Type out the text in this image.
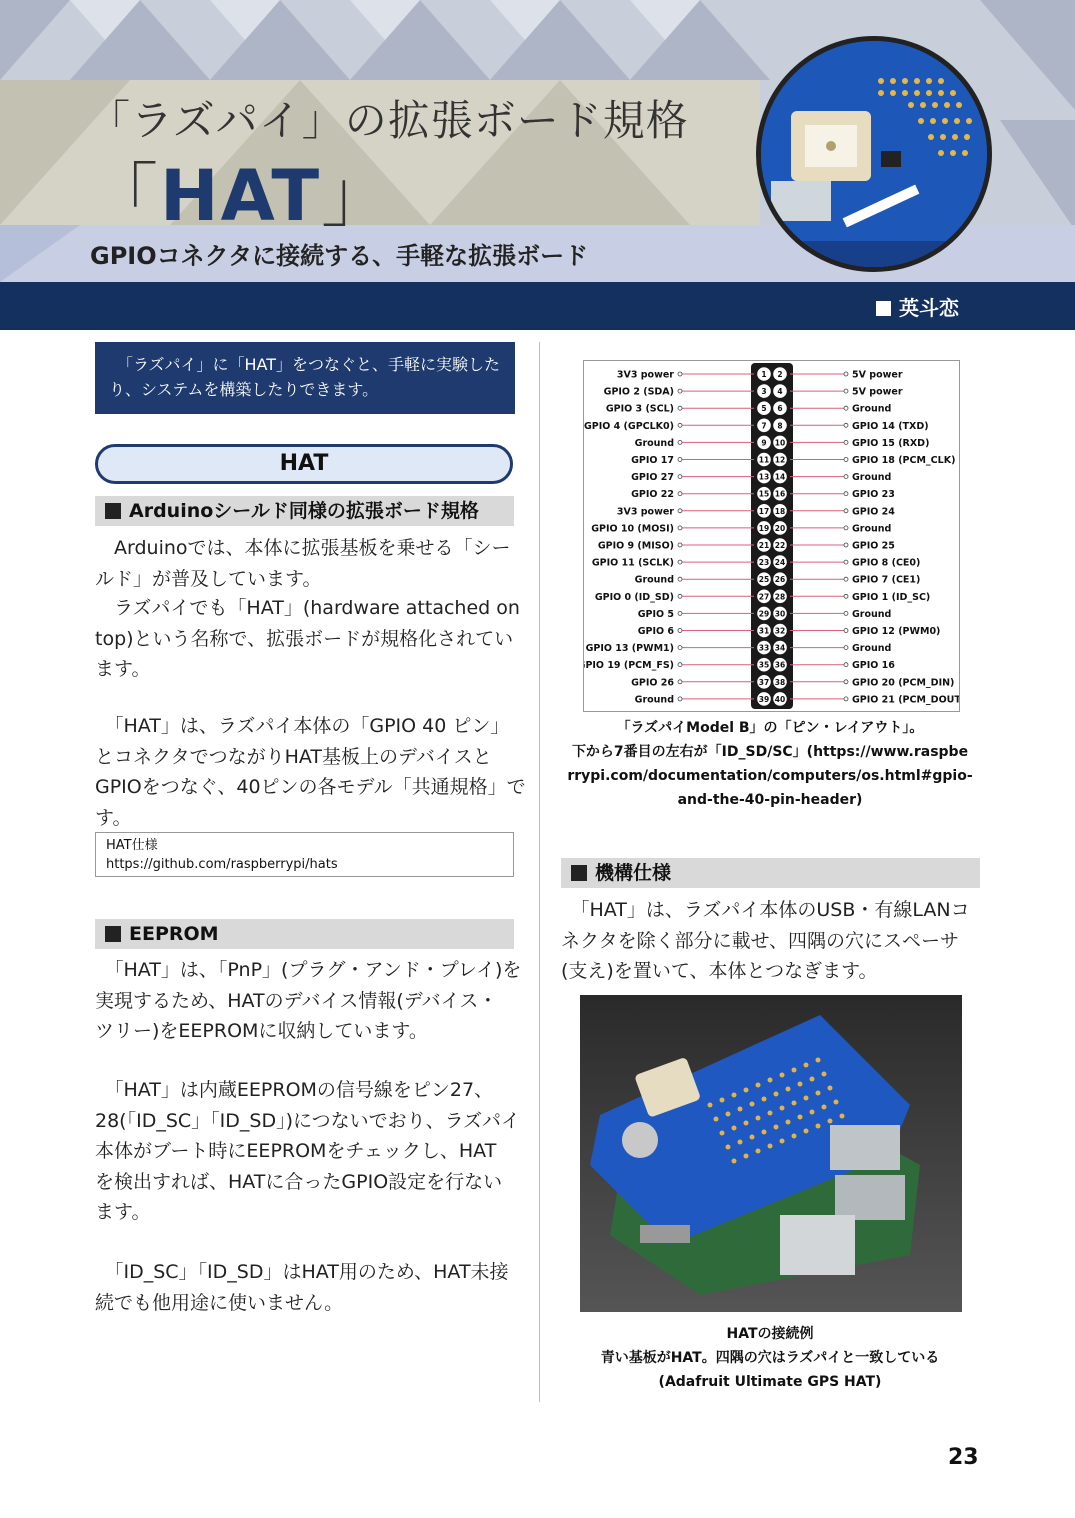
「ラズパイ」の拡張ボード規格
「HAT」
GPIOコネクタに接続する、手軽な拡張ボード
英斗恋
　「ラズパイ」に「HAT」をつなぐと、手軽に実験したり、システムを構築したりできます。
HAT
Arduinoシールド同様の拡張ボード規格
　Arduinoでは、本体に拡張基板を乗せる「シー
ルド」が普及しています。
　ラズパイでも「HAT」(hardware attached on
top)という名称で、拡張ボードが規格化されてい
ます。
　「HAT」は、ラズパイ本体の「GPIO 40 ピン」
とコネクタでつながりHAT基板上のデバイスと
GPIOをつなぐ、40ピンの各モデル「共通規格」で
す。
HAT仕様
https://github.com/raspberrypi/hats
EEPROM
　「HAT」は、「PnP」(プラグ・アンド・プレイ)を
実現するため、HATのデバイス情報(デバイス・
ツリー)をEEPROMに収納しています。
　「HAT」は内蔵EEPROMの信号線をピン27、
28(「ID_SC」「ID_SD」)につないでおり、ラズパイ
本体がブート時にEEPROMをチェックし、HAT
を検出すれば、HATに合ったGPIO設定を行ない
ます。
　「ID_SC」「ID_SD」はHAT用のため、HAT未接
続でも他用途に使いません。
3V3 power
GPIO 2 (SDA)
GPIO 3 (SCL)
GPIO 4 (GPCLK0)
Ground
GPIO 17
GPIO 27
GPIO 22
3V3 power
GPIO 10 (MOSI)
GPIO 9 (MISO)
GPIO 11 (SCLK)
Ground
GPIO 0 (ID_SD)
GPIO 5
GPIO 6
GPIO 13 (PWM1)
GPIO 19 (PCM_FS)
GPIO 26
Ground
5V power
5V power
Ground
GPIO 14 (TXD)
GPIO 15 (RXD)
GPIO 18 (PCM_CLK)
Ground
GPIO 23
GPIO 24
Ground
GPIO 25
GPIO 8 (CE0)
GPIO 7 (CE1)
GPIO 1 (ID_SC)
Ground
GPIO 12 (PWM0)
Ground
GPIO 16
GPIO 20 (PCM_DIN)
GPIO 21 (PCM_DOUT)
1
3
5
7
9
11
13
15
17
19
21
23
25
27
29
31
33
35
37
39
2
4
6
8
10
12
14
16
18
20
22
24
26
28
30
32
34
36
38
40
「ラズパイModel B」の「ピン・レイアウト」。
下から7番目の左右が「ID_SD/SC」(https://www.raspbe
rrypi.com/documentation/computers/os.html#gpio-
and-the-40-pin-header)
機構仕様
　「HAT」は、ラズパイ本体のUSB・有線LANコ
ネクタを除く部分に載せ、四隅の穴にスペーサ
(支え)を置いて、本体とつなぎます。
HATの接続例
青い基板がHAT。四隅の穴はラズパイと一致している
(Adafruit Ultimate GPS HAT)
23
